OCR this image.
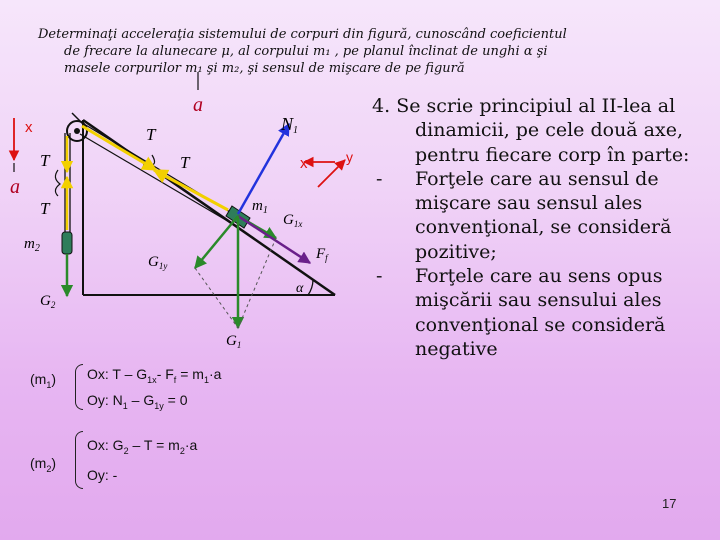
Determinaţi acceleraţia sistemului de corpuri din figură, cunoscând coeficientul
de frecare la alunecare μ, al corpului m₁ , pe planul înclinat de unghi α şi
masele corpurilor m₁ şi m₂, şi sensul de mişcare de pe figură
α
a
a
x
x	y
N1
T
T
T
T	$m_1$
$m_2$
$G_{1x}$
$G_{1y}$
$F_f$
$G_1$
$G_2$
$(m_1)$ Ox: T – $G_{1x}-$ $F_f = m_1\cdot a$
Oy: $N_1 - G_{1y} = 0$
$(m_2)$
Ox: $G_2 - T = m_2\cdot a$
Oy: -
4. Se scrie principiul al II-lea al dinamicii, pe cele două axe, pentru fiecare corp în parte:
- Forţele care au sensul de mişcare sau sensul ales convenţional, se consideră pozitive;
- Forţele care au sens opus mişcării sau sensului ales convenţional se consideră negative
17
